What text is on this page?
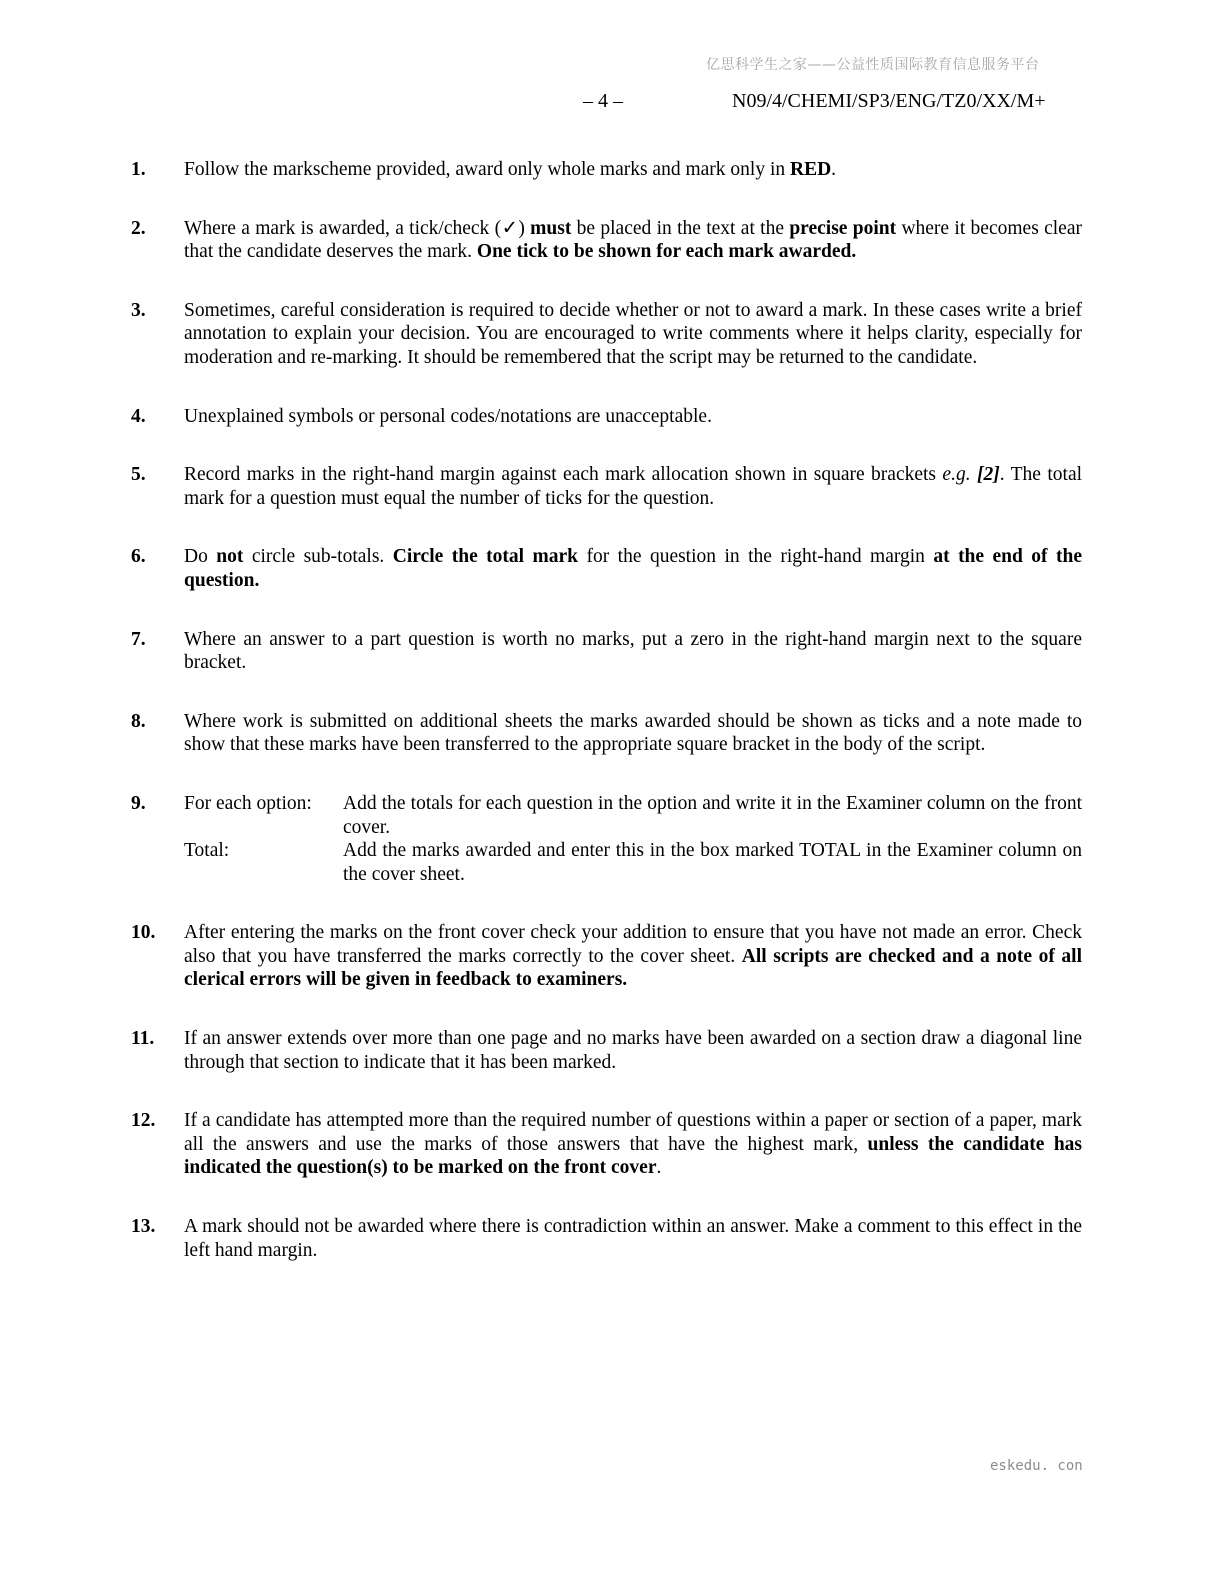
亿思科学生之家——公益性质国际教育信息服务平台
– 4 –	N09/4/CHEMI/SP3/ENG/TZ0/XX/M+
1.	Follow the markscheme provided, award only whole marks and mark only in RED.
2.	Where a mark is awarded, a tick/check (✓) must be placed in the text at the precise point where it becomes clear that the candidate deserves the mark. One tick to be shown for each mark awarded.
3.	Sometimes, careful consideration is required to decide whether or not to award a mark. In these cases write a brief annotation to explain your decision. You are encouraged to write comments where it helps clarity, especially for moderation and re-marking. It should be remembered that the script may be returned to the candidate.
4.	Unexplained symbols or personal codes/notations are unacceptable.
5.	Record marks in the right-hand margin against each mark allocation shown in square brackets e.g. [2]. The total mark for a question must equal the number of ticks for the question.
6.	Do not circle sub-totals. Circle the total mark for the question in the right-hand margin at the end of the question.
7.	Where an answer to a part question is worth no marks, put a zero in the right-hand margin next to the square bracket.
8.	Where work is submitted on additional sheets the marks awarded should be shown as ticks and a note made to show that these marks have been transferred to the appropriate square bracket in the body of the script.
9.	For each option:	Add the totals for each question in the option and write it in the Examiner column on the front cover.
Total:	Add the marks awarded and enter this in the box marked TOTAL in the Examiner column on the cover sheet.
10.	After entering the marks on the front cover check your addition to ensure that you have not made an error. Check also that you have transferred the marks correctly to the cover sheet. All scripts are checked and a note of all clerical errors will be given in feedback to examiners.
11.	If an answer extends over more than one page and no marks have been awarded on a section draw a diagonal line through that section to indicate that it has been marked.
12.	If a candidate has attempted more than the required number of questions within a paper or section of a paper, mark all the answers and use the marks of those answers that have the highest mark, unless the candidate has indicated the question(s) to be marked on the front cover.
13.	A mark should not be awarded where there is contradiction within an answer. Make a comment to this effect in the left hand margin.
eskedu. con
